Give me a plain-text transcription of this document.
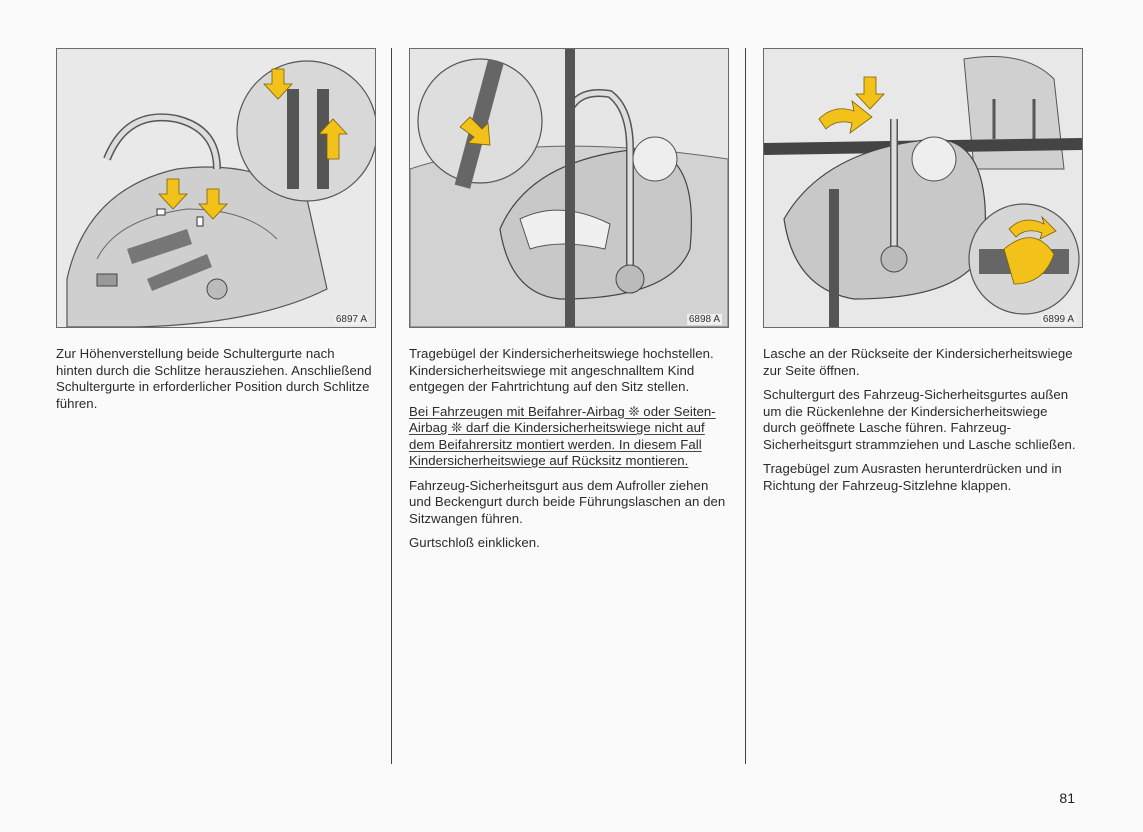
6897 A	6898 A	6899 A

Zur Höhenverstellung beide Schultergurte nach hinten durch die Schlitze herausziehen. Anschließend Schultergurte in erforderlicher Position durch Schlitze führen.

Tragebügel der Kindersicherheitswiege hochstellen. Kindersicherheitswiege mit angeschnalltem Kind entgegen der Fahrtrichtung auf den Sitz stellen.

Bei Fahrzeugen mit Beifahrer-Airbag ❊ oder Seiten-Airbag ❊ darf die Kindersicherheitswiege nicht auf dem Beifahrersitz montiert werden. In diesem Fall Kindersicherheitswiege auf Rücksitz montieren.

Fahrzeug-Sicherheitsgurt aus dem Aufroller ziehen und Beckengurt durch beide Führungslaschen an den Sitzwangen führen.

Gurtschloß einklicken.

Lasche an der Rückseite der Kindersicherheitswiege zur Seite öffnen.

Schultergurt des Fahrzeug-Sicherheitsgurtes außen um die Rückenlehne der Kindersicherheitswiege durch geöffnete Lasche führen. Fahrzeug-Sicherheitsgurt strammziehen und Lasche schließen.

Tragebügel zum Ausrasten herunterdrücken und in Richtung der Fahrzeug-Sitzlehne klappen.

81
